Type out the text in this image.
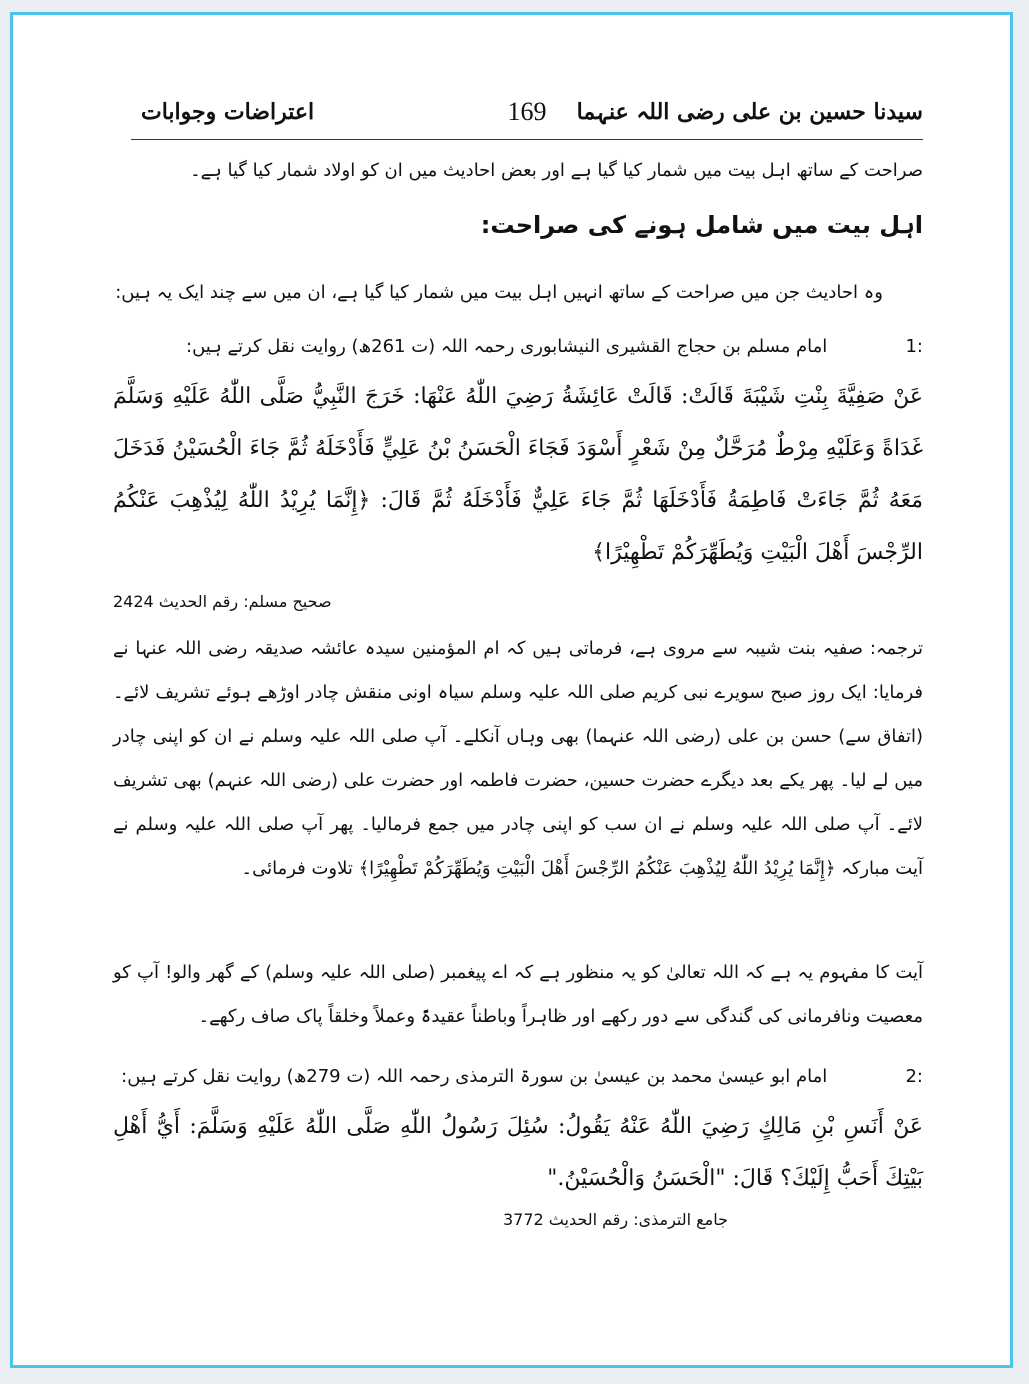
سیدنا حسین بن علی رضی اللہ عنہما
169
اعتراضات وجوابات
صراحت کے ساتھ اہل بیت میں شمار کیا گیا ہے اور بعض احادیث میں ان کو اولاد شمار کیا گیا ہے۔
اہل بیت میں شامل ہونے کی صراحت:
وہ احادیث جن میں صراحت کے ساتھ انہیں اہل بیت میں شمار کیا گیا ہے، ان میں سے چند ایک یہ ہیں:
1: امام مسلم بن حجاج القشیری النیشابوری رحمہ اللہ (ت 261ھ) روایت نقل کرتے ہیں:
عَنْ صَفِيَّةَ بِنْتِ شَيْبَةَ قَالَتْ: قَالَتْ عَائِشَةُ رَضِيَ اللّٰهُ عَنْهَا: خَرَجَ النَّبِيُّ صَلَّى اللّٰهُ عَلَيْهِ وَسَلَّمَ غَدَاةً وَعَلَيْهِ مِرْطٌ مُرَحَّلٌ مِنْ شَعْرٍ أَسْوَدَ فَجَاءَ الْحَسَنُ بْنُ عَلِيٍّ فَأَدْخَلَهُ ثُمَّ جَاءَ الْحُسَيْنُ فَدَخَلَ مَعَهُ ثُمَّ جَاءَتْ فَاطِمَةُ فَأَدْخَلَهَا ثُمَّ جَاءَ عَلِيٌّ فَأَدْخَلَهُ ثُمَّ قَالَ: ﴿إِنَّمَا يُرِيْدُ اللّٰهُ لِيُذْهِبَ عَنْكُمُ الرِّجْسَ أَهْلَ الْبَيْتِ وَيُطَهِّرَكُمْ تَطْهِيْرًا﴾
صحیح مسلم: رقم الحدیث 2424
ترجمہ: صفیہ بنت شیبہ سے مروی ہے، فرماتی ہیں کہ ام المؤمنین سیدہ عائشہ صدیقہ رضی اللہ عنہا نے فرمایا: ایک روز صبح سویرے نبی کریم صلی اللہ علیہ وسلم سیاہ اونی منقش چادر اوڑھے ہوئے تشریف لائے۔ (اتفاق سے) حسن بن علی (رضی اللہ عنہما) بھی وہاں آنکلے۔ آپ صلی اللہ علیہ وسلم نے ان کو اپنی چادر میں لے لیا۔ پھر یکے بعد دیگرے حضرت حسین، حضرت فاطمہ اور حضرت علی (رضی اللہ عنہم) بھی تشریف لائے۔ آپ صلی اللہ علیہ وسلم نے ان سب کو اپنی چادر میں جمع فرمالیا۔ پھر آپ صلی اللہ علیہ وسلم نے آیت مبارکہ ﴿إِنَّمَا يُرِيْدُ اللّٰهُ لِيُذْهِبَ عَنْكُمُ الرِّجْسَ أَهْلَ الْبَيْتِ وَيُطَهِّرَكُمْ تَطْهِيْرًا﴾ تلاوت فرمائی۔
آیت کا مفہوم یہ ہے کہ اللہ تعالیٰ کو یہ منظور ہے کہ اے پیغمبر (صلی اللہ علیہ وسلم) کے گھر والو! آپ کو معصیت ونافرمانی کی گندگی سے دور رکھے اور ظاہراً وباطناً عقیدۃً وعملاً وخلقاً پاک صاف رکھے۔
2: امام ابو عیسیٰ محمد بن عیسیٰ بن سورۃ الترمذی رحمہ اللہ (ت 279ھ) روایت نقل کرتے ہیں:
عَنْ أَنَسِ بْنِ مَالِكٍ رَضِيَ اللّٰهُ عَنْهُ يَقُولُ: سُئِلَ رَسُولُ اللّٰهِ صَلَّى اللّٰهُ عَلَيْهِ وَسَلَّمَ: أَيُّ أَهْلِ بَيْتِكَ أَحَبُّ إِلَيْكَ؟ قَالَ: "الْحَسَنُ وَالْحُسَيْنُ."
جامع الترمذی: رقم الحدیث 3772
